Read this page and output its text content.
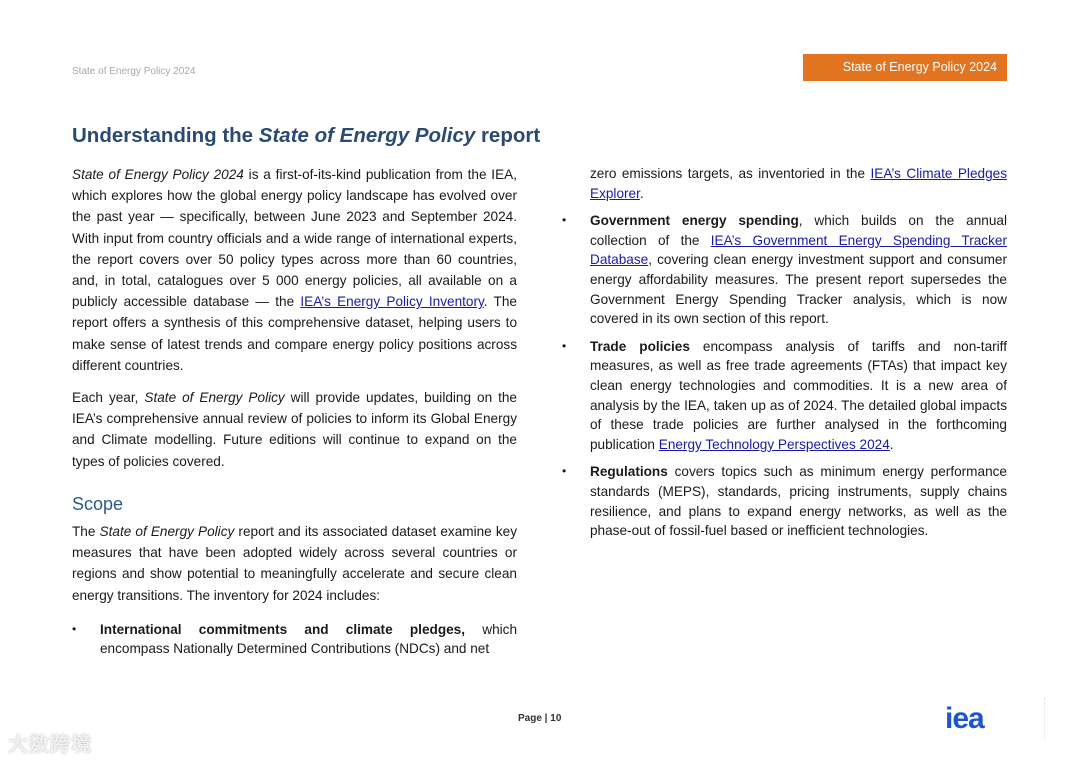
State of Energy Policy 2024	State of Energy Policy 2024
Understanding the State of Energy Policy report

State of Energy Policy 2024 is a first-of-its-kind publication from the IEA, which explores how the global energy policy landscape has evolved over the past year — specifically, between June 2023 and September 2024. With input from country officials and a wide range of international experts, the report covers over 50 policy types across more than 60 countries, and, in total, catalogues over 5 000 energy policies, all available on a publicly accessible database — the IEA’s Energy Policy Inventory. The report offers a synthesis of this comprehensive dataset, helping users to make sense of latest trends and compare energy policy positions across different countries.

Each year, State of Energy Policy will provide updates, building on the IEA’s comprehensive annual review of policies to inform its Global Energy and Climate modelling. Future editions will continue to expand on the types of policies covered.

Scope

The State of Energy Policy report and its associated dataset examine key measures that have been adopted widely across several countries or regions and show potential to meaningfully accelerate and secure clean energy transitions. The inventory for 2024 includes:

• International commitments and climate pledges, which encompass Nationally Determined Contributions (NDCs) and net
zero emissions targets, as inventoried in the IEA’s Climate Pledges Explorer.
• Government energy spending, which builds on the annual collection of the IEA’s Government Energy Spending Tracker Database, covering clean energy investment support and consumer energy affordability measures. The present report supersedes the Government Energy Spending Tracker analysis, which is now covered in its own section of this report.
• Trade policies encompass analysis of tariffs and non-tariff measures, as well as free trade agreements (FTAs) that impact key clean energy technologies and commodities. It is a new area of analysis by the IEA, taken up as of 2024. The detailed global impacts of these trade policies are further analysed in the forthcoming publication Energy Technology Perspectives 2024.
• Regulations covers topics such as minimum energy performance standards (MEPS), standards, pricing instruments, supply chains resilience, and plans to expand energy networks, as well as the phase-out of fossil-fuel based or inefficient technologies.
Page | 10	iea
大数跨境
